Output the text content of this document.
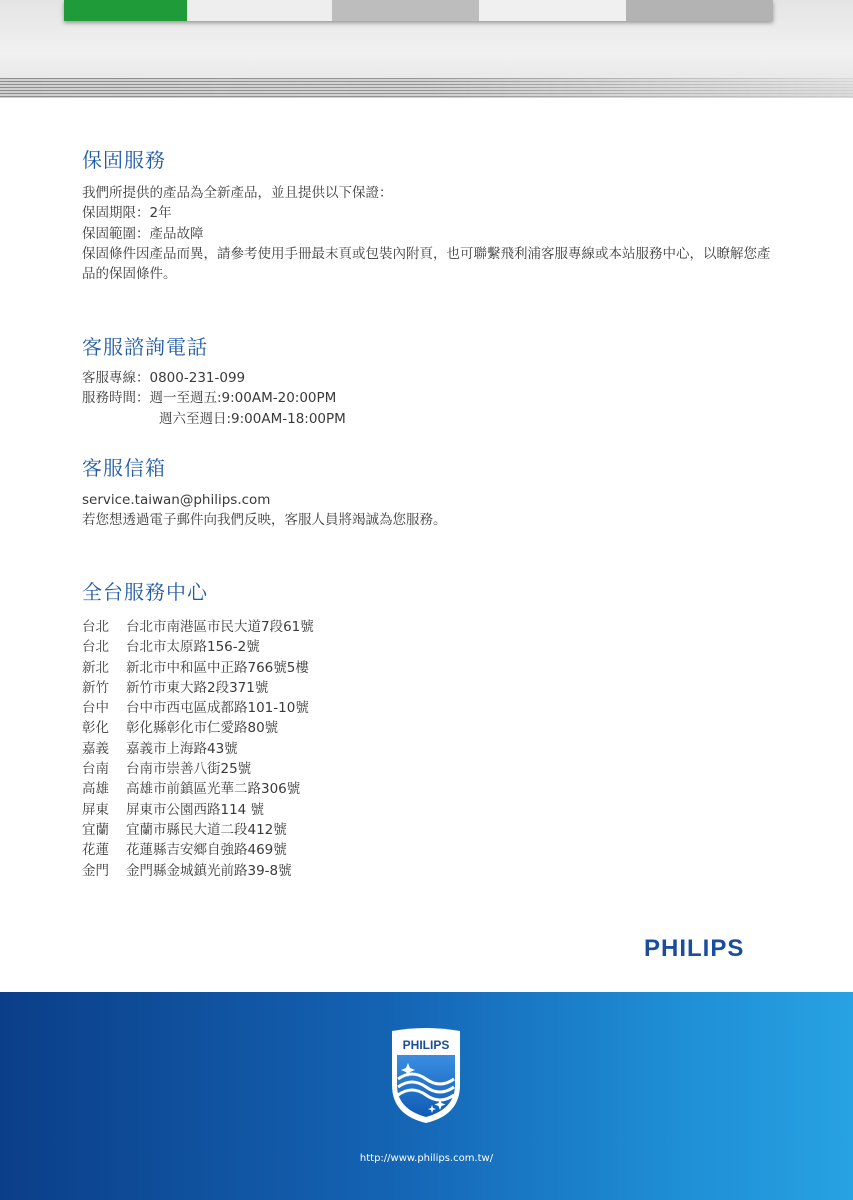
保固服務

我們所提供的產品為全新產品，並且提供以下保證：

保固期限：2年

保固範圍：產品故障

保固條件因產品而異，請參考使用手冊最末頁或包裝內附頁，也可聯繫飛利浦客服專線或本站服務中心，以瞭解您產品的保固條件。

客服諮詢電話
客服專線： 0800-231-099
服務時間： 週一至週五:9:00AM-20:00PM
週六至週日:9:00AM-18:00PM
客服信箱

service.taiwan@philips.com

若您想透過電子郵件向我們反映，客服人員將竭誠為您服務。

全台服務中心
台北	台北市南港區市民大道7段61號
台北	台北市太原路156-2號
新北	新北市中和區中正路766號5樓
新竹	新竹市東大路2段371號
台中	台中市西屯區成都路101-10號
彰化	彰化縣彰化市仁愛路80號
嘉義	嘉義市上海路43號
台南	台南市崇善八街25號
高雄	高雄市前鎮區光華二路306號
屏東	屏東市公園西路114 號
宜蘭	宜蘭市縣民大道二段412號
花蓮	花蓮縣吉安鄉自強路469號
金門	金門縣金城鎮光前路39-8號
PHILIPS
PHILIPS
http://www.philips.com.tw/
